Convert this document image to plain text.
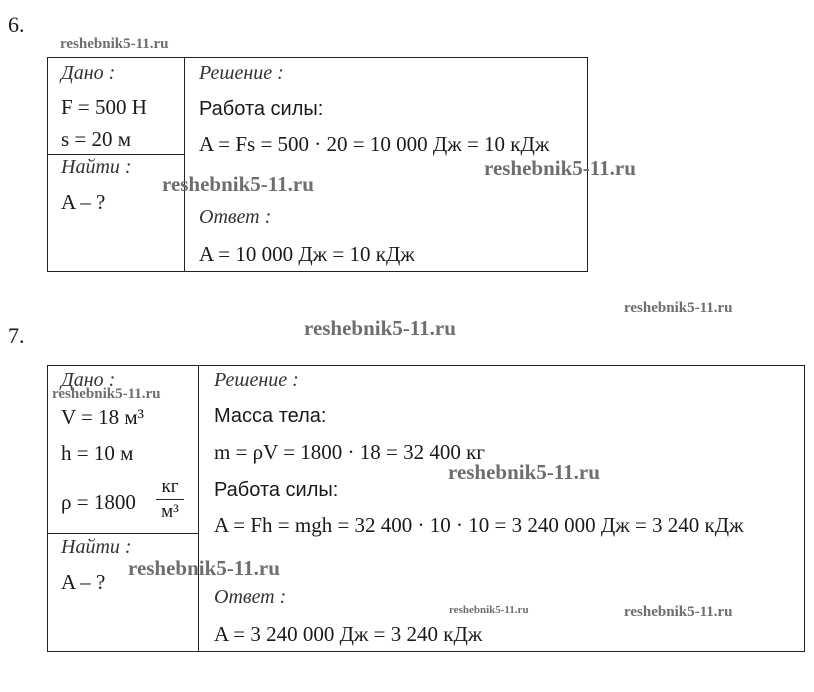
6.
reshebnik5-11.ru
Дано :
F = 500 Н
s = 20 м
Найти :
A – ?
Решение :
Работа силы:
A = Fs = 500 · 20 = 10 000 Дж = 10 кДж
Ответ :
A = 10 000 Дж = 10 кДж
reshebnik5-11.ru
reshebnik5-11.ru
reshebnik5-11.ru
reshebnik5-11.ru
7.
Дано :
reshebnik5-11.ru
V = 18 м³
h = 10 м
ρ = 1800
кг
м³
Найти :
A – ?
Решение :
Масса тела:
m = ρV = 1800 · 18 = 32 400 кг
Работа силы:
A = Fh = mgh = 32 400 · 10 · 10 = 3 240 000 Дж = 3 240 кДж
Ответ :
A = 3 240 000 Дж = 3 240 кДж
reshebnik5-11.ru
reshebnik5-11.ru
reshebnik5-11.ru	reshebnik5-11.ru
